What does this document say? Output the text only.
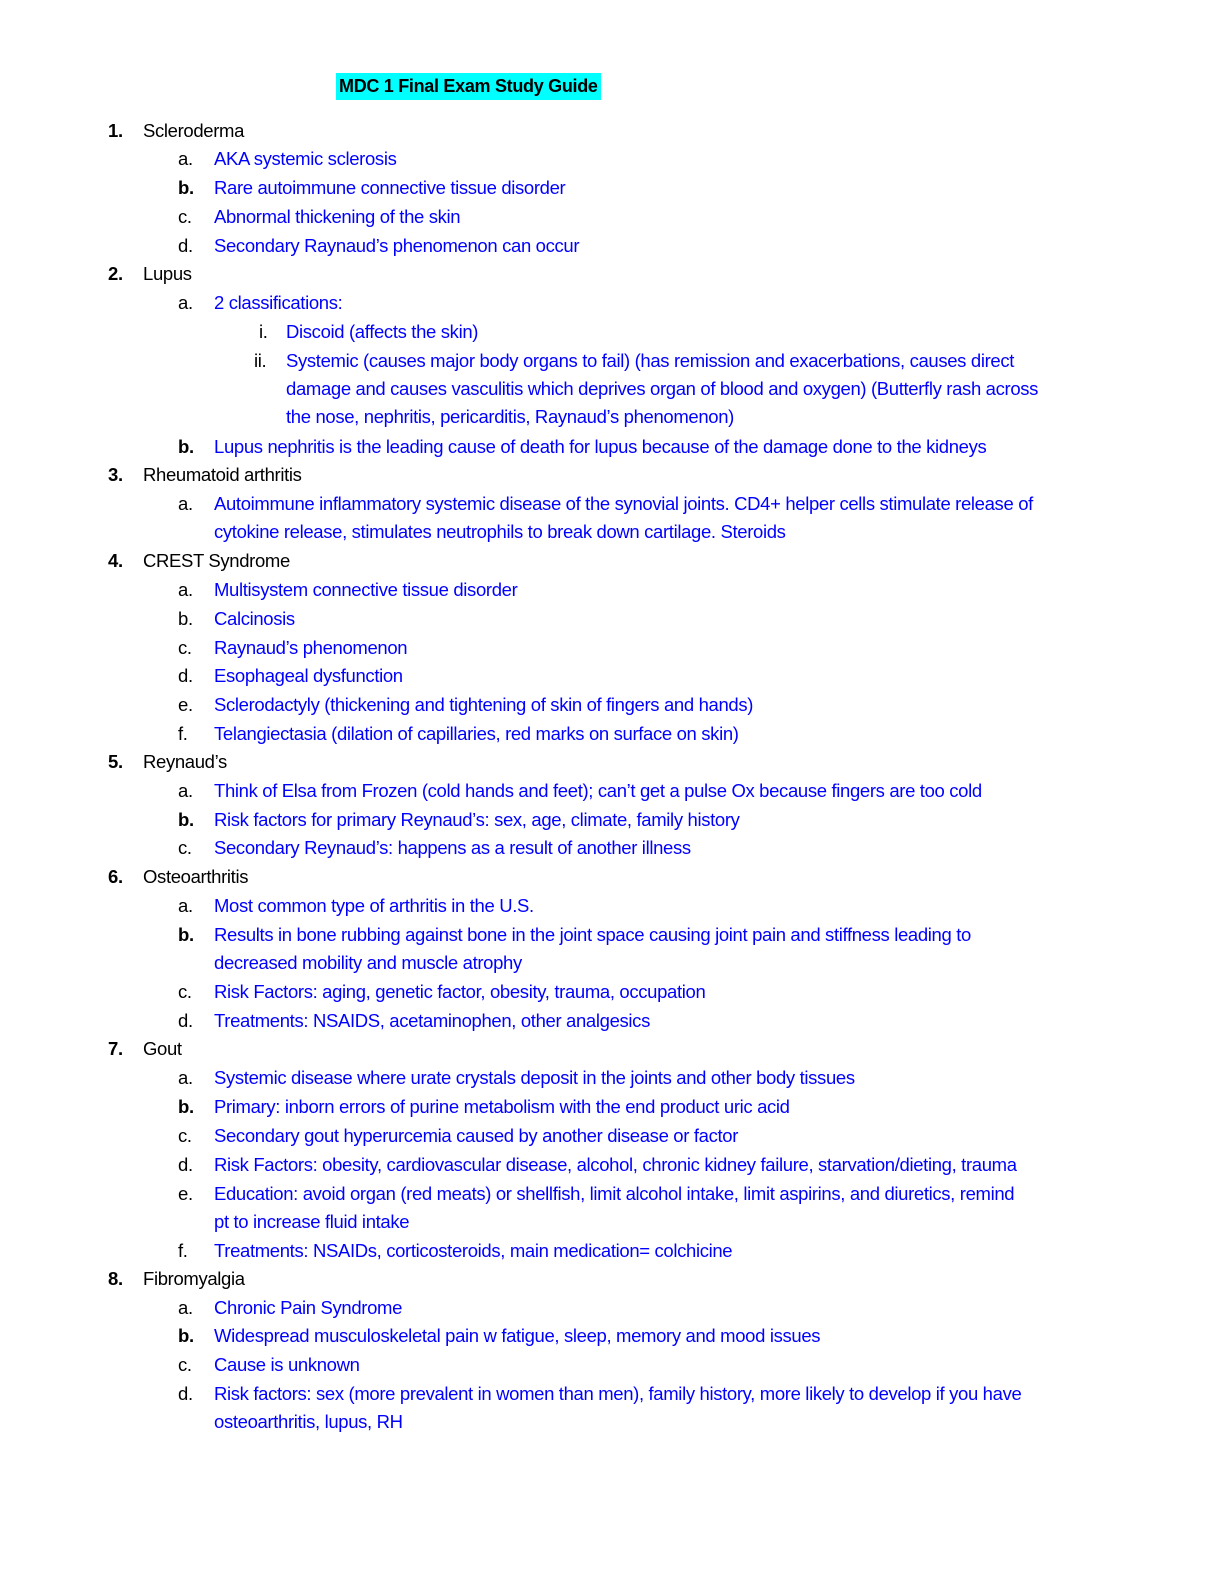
MDC 1 Final Exam Study Guide
1. Scleroderma
a. AKA systemic sclerosis
b. Rare autoimmune connective tissue disorder
c. Abnormal thickening of the skin
d. Secondary Raynaud’s phenomenon can occur
2. Lupus
a. 2 classifications:
i. Discoid (affects the skin)
ii. Systemic (causes major body organs to fail) (has remission and exacerbations, causes direct
damage and causes vasculitis which deprives organ of blood and oxygen) (Butterfly rash across
the nose, nephritis, pericarditis, Raynaud’s phenomenon)
b. Lupus nephritis is the leading cause of death for lupus because of the damage done to the kidneys
3. Rheumatoid arthritis
a. Autoimmune inflammatory systemic disease of the synovial joints. CD4+ helper cells stimulate release of
cytokine release, stimulates neutrophils to break down cartilage. Steroids
4. CREST Syndrome
a. Multisystem connective tissue disorder
b. Calcinosis
c. Raynaud’s phenomenon
d. Esophageal dysfunction
e. Sclerodactyly (thickening and tightening of skin of fingers and hands)
f. Telangiectasia (dilation of capillaries, red marks on surface on skin)
5. Reynaud’s
a. Think of Elsa from Frozen (cold hands and feet); can’t get a pulse Ox because fingers are too cold
b. Risk factors for primary Reynaud’s: sex, age, climate, family history
c. Secondary Reynaud’s: happens as a result of another illness
6. Osteoarthritis
a. Most common type of arthritis in the U.S.
b. Results in bone rubbing against bone in the joint space causing joint pain and stiffness leading to
decreased mobility and muscle atrophy
c. Risk Factors: aging, genetic factor, obesity, trauma, occupation
d. Treatments: NSAIDS, acetaminophen, other analgesics
7. Gout
a. Systemic disease where urate crystals deposit in the joints and other body tissues
b. Primary: inborn errors of purine metabolism with the end product uric acid
c. Secondary gout hyperurcemia caused by another disease or factor
d. Risk Factors: obesity, cardiovascular disease, alcohol, chronic kidney failure, starvation/dieting, trauma
e. Education: avoid organ (red meats) or shellfish, limit alcohol intake, limit aspirins, and diuretics, remind
pt to increase fluid intake
f. Treatments: NSAIDs, corticosteroids, main medication= colchicine
8. Fibromyalgia
a. Chronic Pain Syndrome
b. Widespread musculoskeletal pain w fatigue, sleep, memory and mood issues
c. Cause is unknown
d. Risk factors: sex (more prevalent in women than men), family history, more likely to develop if you have
osteoarthritis, lupus, RH
